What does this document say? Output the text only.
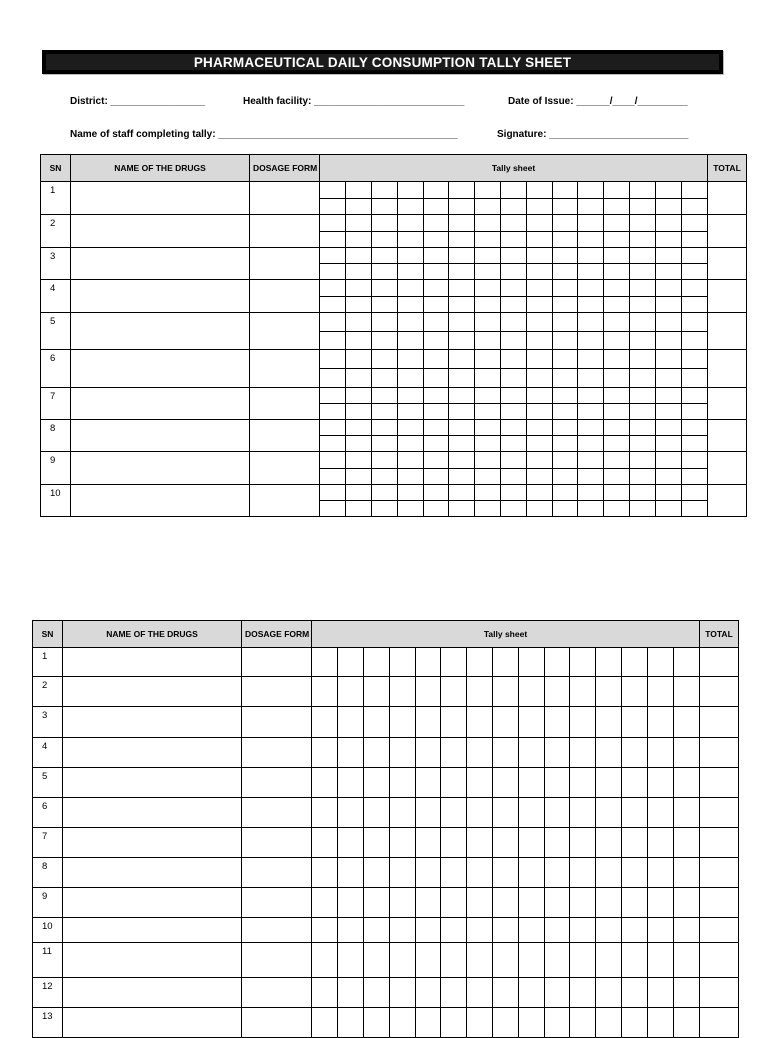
PHARMACEUTICAL DAILY CONSUMPTION TALLY SHEET
District: _________________	Health facility: ___________________________	Date of Issue: ______/____/_________
Name of staff completing tally: ___________________________________________	Signature: _________________________
SN	NAME OF THE DRUGS	DOSAGE FORM	Tally sheet	TOTAL
1			

2			

3			

4			

5			

6			

7			

8			

9			

10			

SN	NAME OF THE DRUGS	DOSAGE FORM	Tally sheet	TOTAL
1			

2			

3			

4			

5			

6			

7			

8			

9			

10			

11			

12			

13			
